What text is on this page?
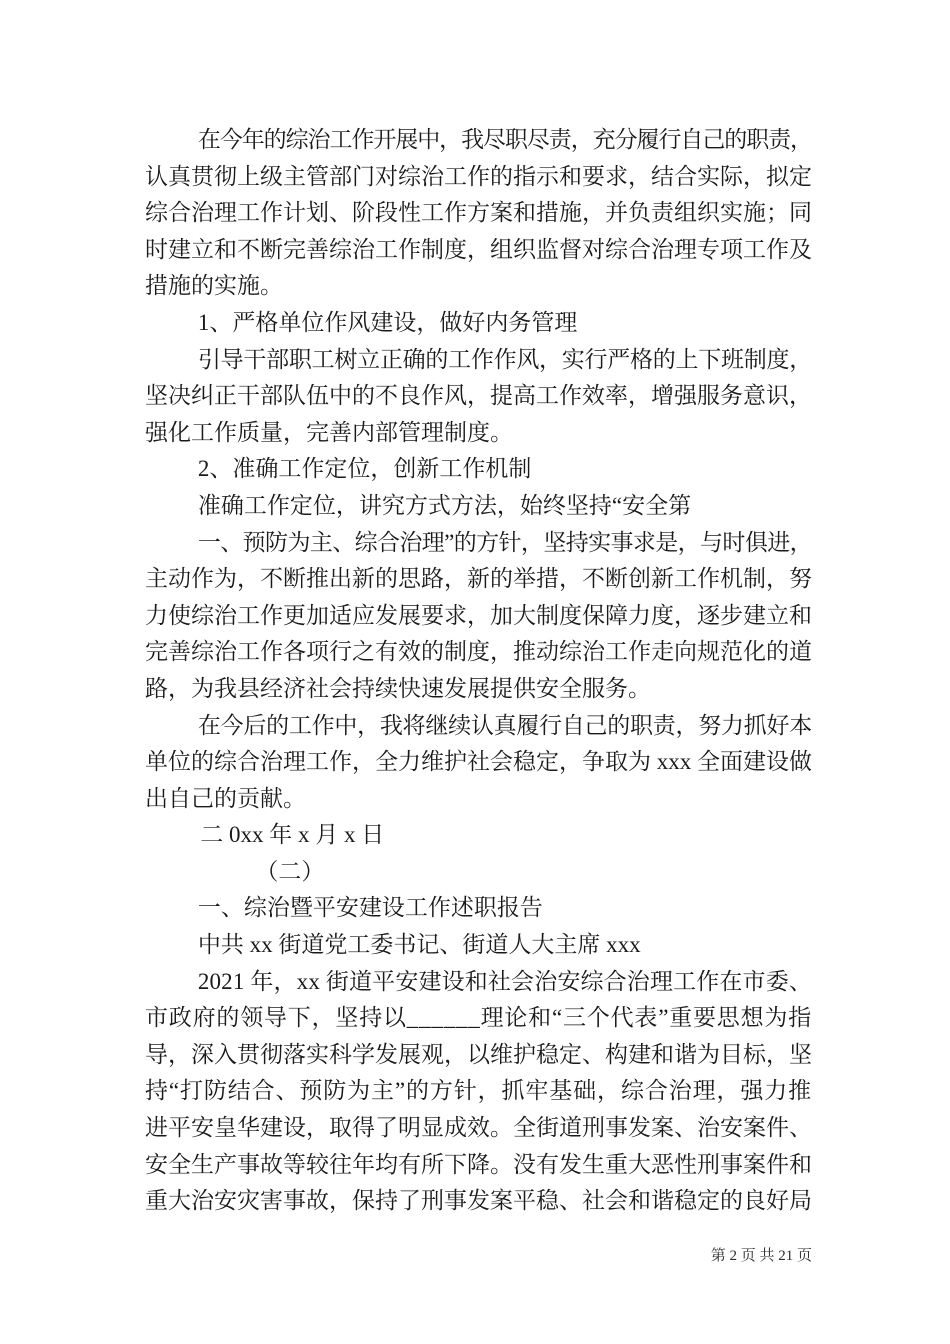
在今年的综治工作开展中，我尽职尽责，充分履行自己的职责，
认真贯彻上级主管部门对综治工作的指示和要求，结合实际，拟定
综合治理工作计划、阶段性工作方案和措施，并负责组织实施；同
时建立和不断完善综治工作制度，组织监督对综合治理专项工作及
措施的实施。
1、严格单位作风建设，做好内务管理
引导干部职工树立正确的工作作风，实行严格的上下班制度，
坚决纠正干部队伍中的不良作风，提高工作效率，增强服务意识，
强化工作质量，完善内部管理制度。
2、准确工作定位，创新工作机制
准确工作定位，讲究方式方法，始终坚持“安全第
一、预防为主、综合治理”的方针，坚持实事求是，与时俱进，
主动作为，不断推出新的思路，新的举措，不断创新工作机制，努
力使综治工作更加适应发展要求，加大制度保障力度，逐步建立和
完善综治工作各项行之有效的制度，推动综治工作走向规范化的道
路，为我县经济社会持续快速发展提供安全服务。
在今后的工作中，我将继续认真履行自己的职责，努力抓好本
单位的综合治理工作，全力维护社会稳定，争取为 xxx 全面建设做
出自己的贡献。
二 0xx 年 x 月 x 日
（二）
一、综治暨平安建设工作述职报告
中共 xx 街道党工委书记、街道人大主席 xxx
2021 年，xx 街道平安建设和社会治安综合治理工作在市委、
市政府的领导下，坚持以______理论和“三个代表”重要思想为指
导，深入贯彻落实科学发展观，以维护稳定、构建和谐为目标，坚
持“打防结合、预防为主”的方针，抓牢基础，综合治理，强力推
进平安皇华建设，取得了明显成效。全街道刑事发案、治安案件、
安全生产事故等较往年均有所下降。没有发生重大恶性刑事案件和
重大治安灾害事故，保持了刑事发案平稳、社会和谐稳定的良好局
第 2 页 共 21 页
